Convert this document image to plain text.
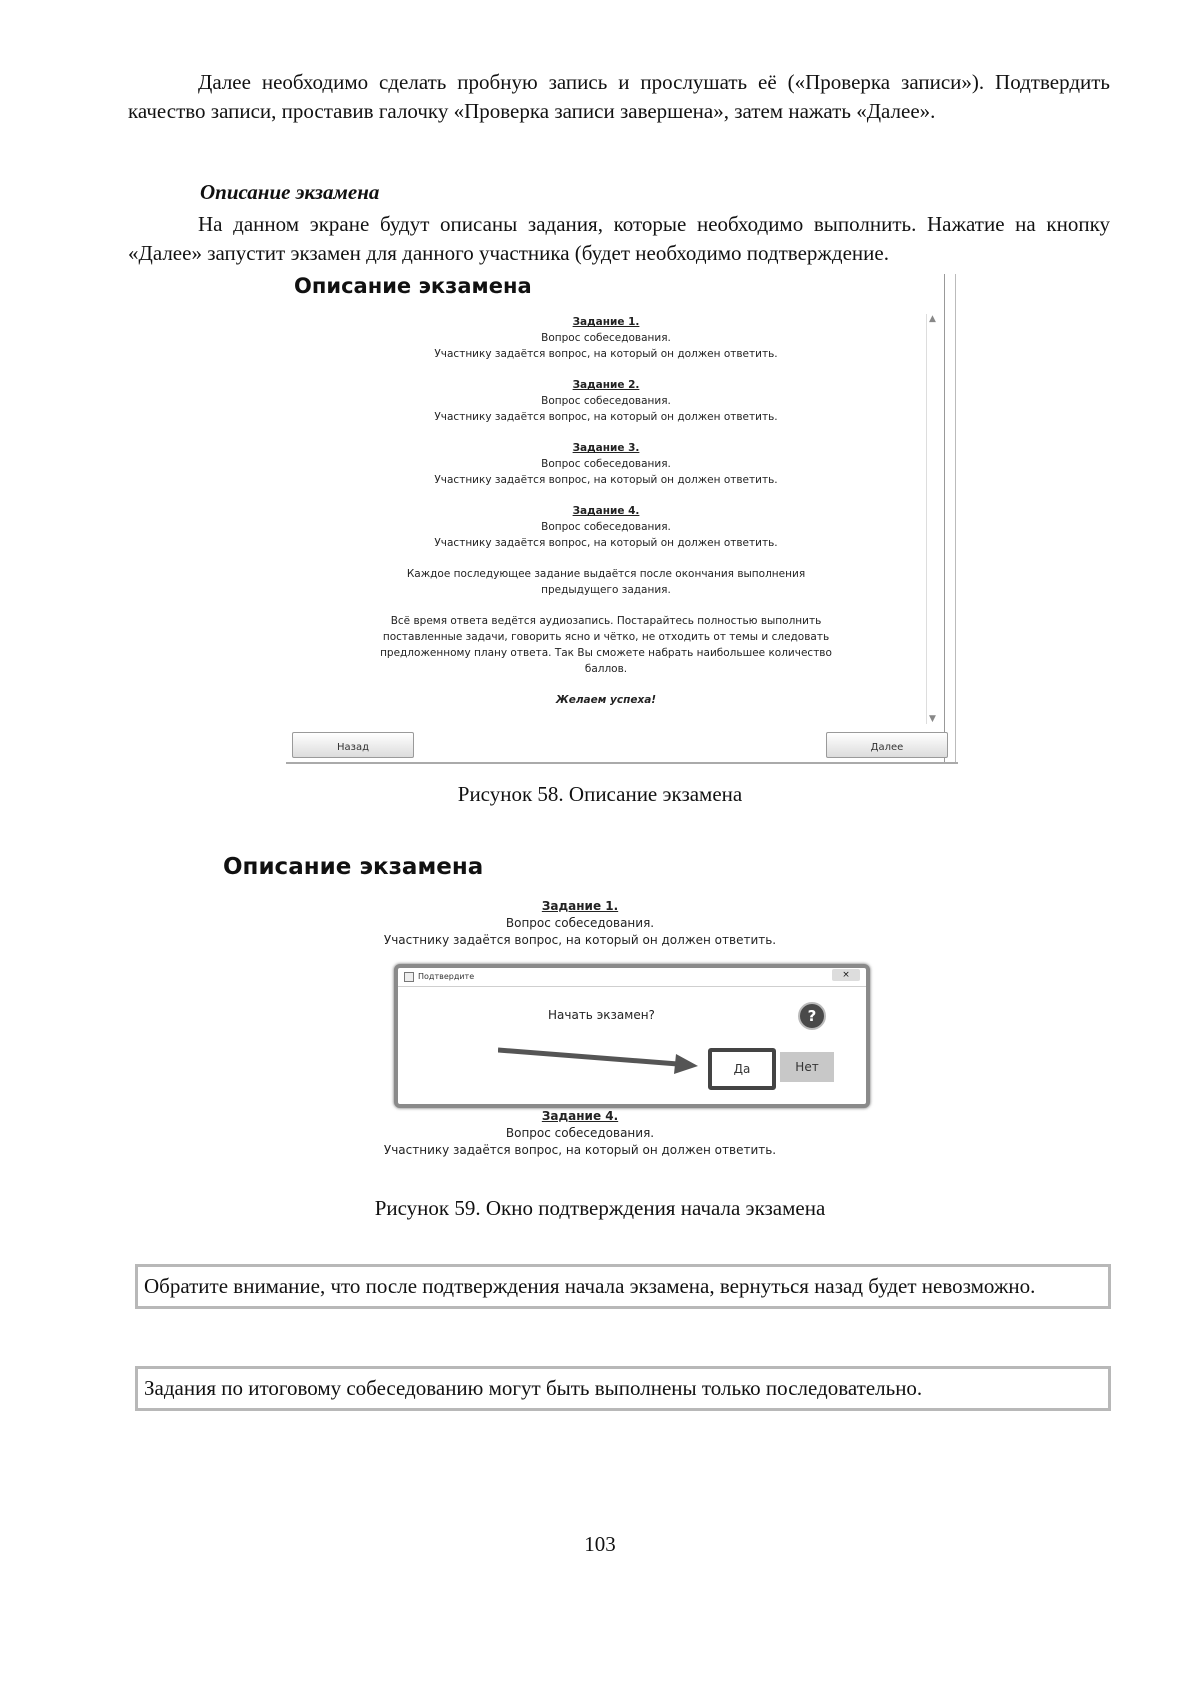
Далее необходимо сделать пробную запись и прослушать её («Проверка записи»). Подтвердить качество записи, проставив галочку «Проверка записи завершена», затем нажать «Далее».
Описание экзамена
На данном экране будут описаны задания, которые необходимо выполнить. Нажатие на кнопку «Далее» запустит экзамен для данного участника (будет необходимо подтверждение.
Описание экзамена
▲
▼
Задание 1.
Вопрос собеседования.
Участнику задаётся вопрос, на который он должен ответить.
Задание 2.
Вопрос собеседования.
Участнику задаётся вопрос, на который он должен ответить.
Задание 3.
Вопрос собеседования.
Участнику задаётся вопрос, на который он должен ответить.
Задание 4.
Вопрос собеседования.
Участнику задаётся вопрос, на который он должен ответить.
Каждое последующее задание выдаётся после окончания выполнения предыдущего задания.
Всё время ответа ведётся аудиозапись. Постарайтесь полностью выполнить поставленные задачи, говорить ясно и чётко, не отходить от темы и следовать предложенному плану ответа. Так Вы сможете набрать наибольшее количество баллов.
Желаем успеха!
Назад	Далее
Рисунок 58. Описание экзамена
Описание экзамена
Задание 1.
Вопрос собеседования.
Участнику задаётся вопрос, на который он должен ответить.
Подтвердите	×
Начать экзамен?	?
Да	Нет
Задание 4.
Вопрос собеседования.
Участнику задаётся вопрос, на который он должен ответить.
Рисунок 59. Окно подтверждения начала экзамена
Обратите внимание, что после подтверждения начала экзамена, вернуться назад будет невозможно.
Задания по итоговому собеседованию могут быть выполнены только последовательно.
103
